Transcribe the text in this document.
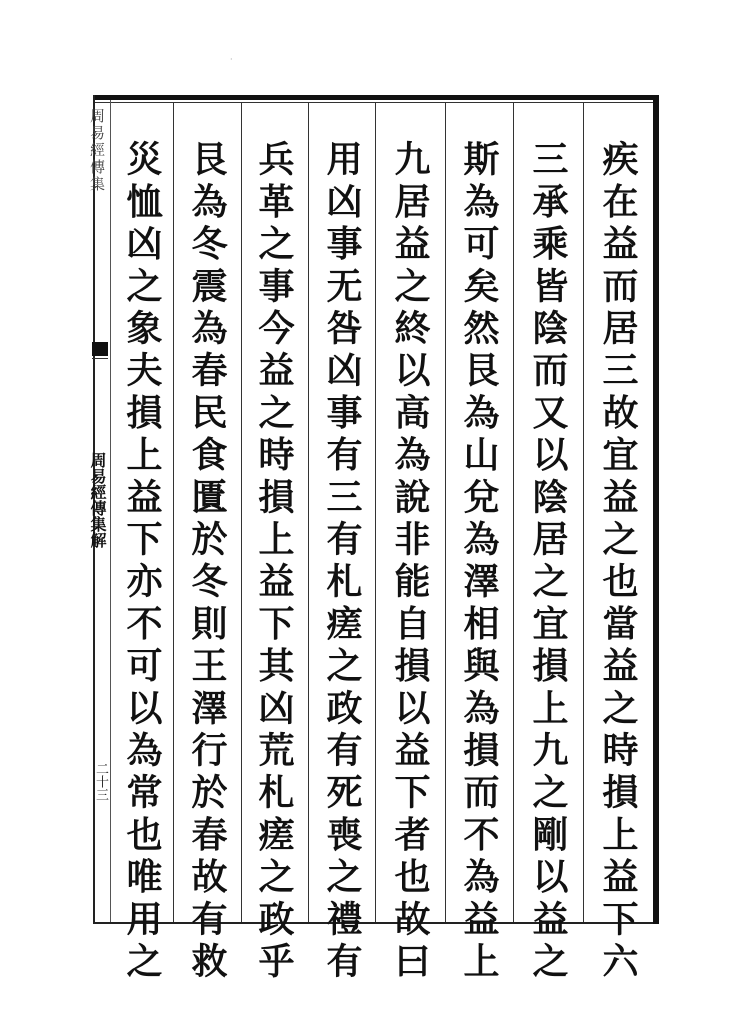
·
周易經傳集
周易經傳集解
二十三	疾在益而居三故宜益之也當益之時損上益下六
三承乘皆陰而又以陰居之宜損上九之剛以益之
斯為可矣然艮為山兌為澤相與為損而不為益上
九居益之終以高為說非能自損以益下者也故曰
用凶事无咎凶事有三有札瘥之政有死喪之禮有
兵革之事今益之時損上益下其凶荒札瘥之政乎
艮為冬震為春民食匱於冬則王澤行於春故有救
災恤凶之象夫損上益下亦不可以為常也唯用之
